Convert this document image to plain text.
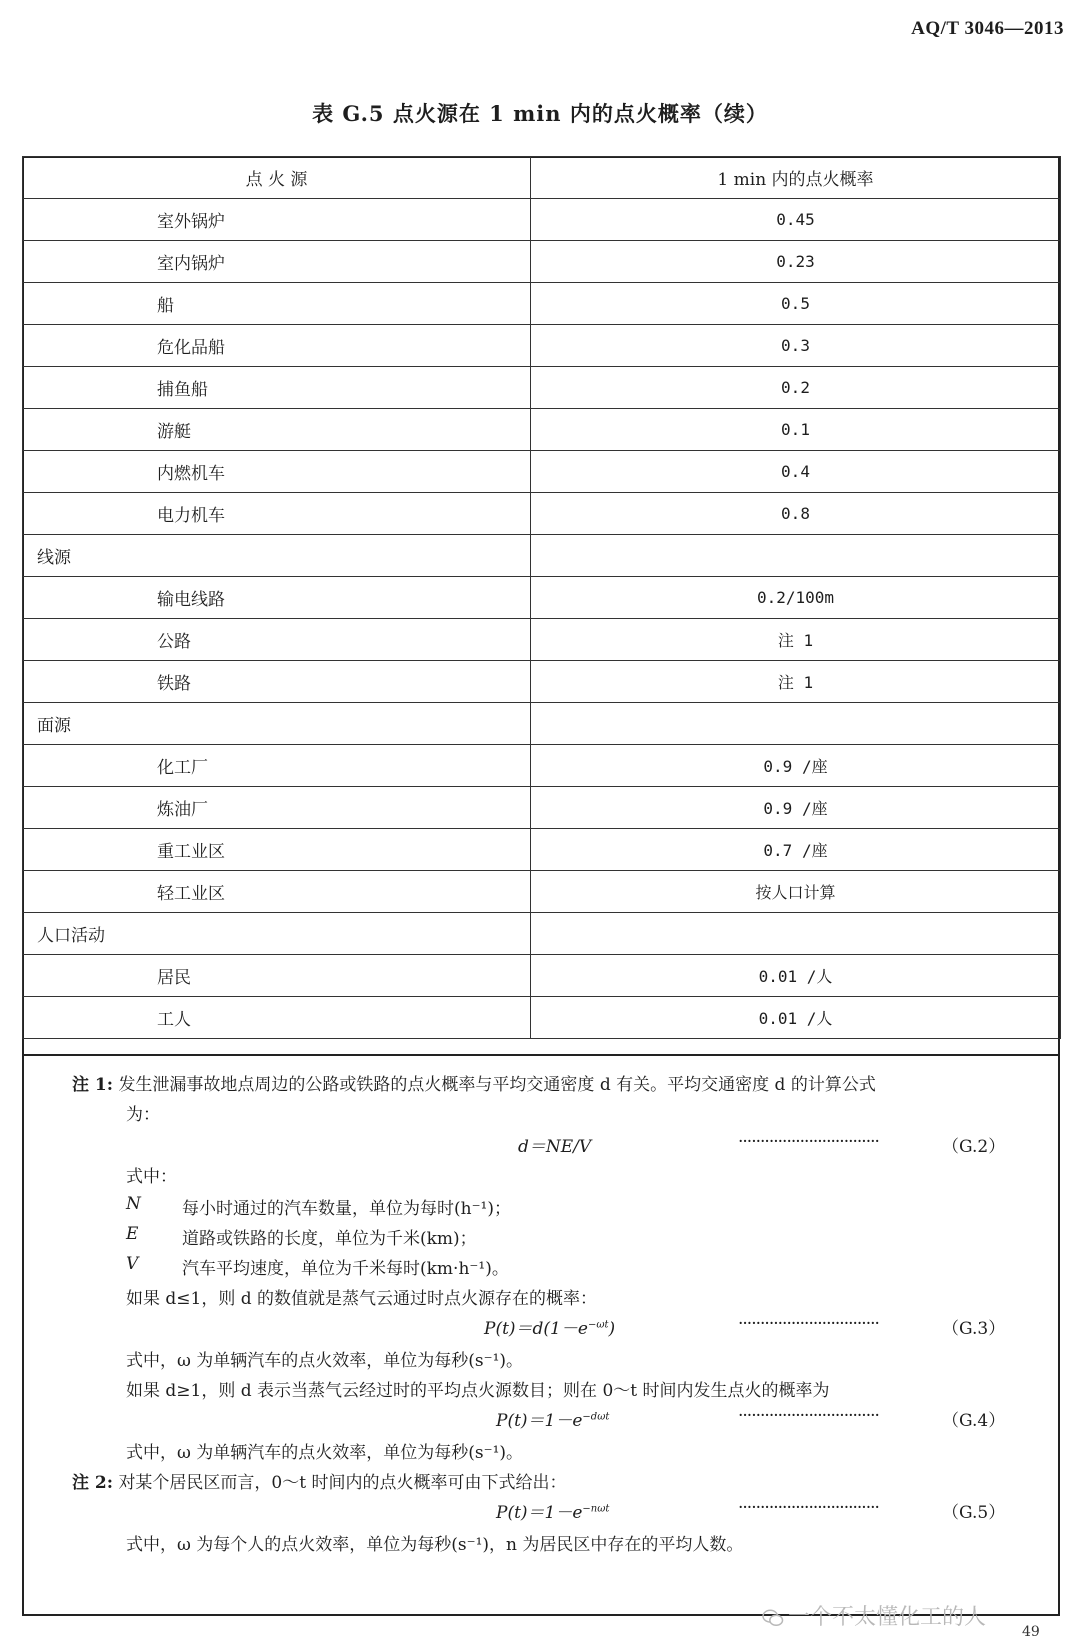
AQ/T 3046—2013
表 G.5 点火源在 1 min 内的点火概率（续）
点 火 源	1 min 内的点火概率
室外锅炉	0.45
室内锅炉	0.23
船	0.5
危化品船	0.3
捕鱼船	0.2
游艇	0.1
内燃机车	0.4
电力机车	0.8
线源	
输电线路	0.2/100m
公路	注 1
铁路	注 1
面源	
化工厂	0.9 /座
炼油厂	0.9 /座
重工业区	0.7 /座
轻工业区	按人口计算
人口活动	
居民	0.01 /人
工人	0.01 /人
注 1: 发生泄漏事故地点周边的公路或铁路的点火概率与平均交通密度 d 有关。平均交通密度 d 的计算公式
为：
d＝NE/V	································	（G.2）
式中：
N 每小时通过的汽车数量，单位为每时(h⁻¹)；
E	道路或铁路的长度，单位为千米(km)；
V	汽车平均速度，单位为千米每时(km·h⁻¹)。
如果 d≤1，则 d 的数值就是蒸气云通过时点火源存在的概率：
$P(t)=d(1-e^{-\omega t})$	································	（G.3）
式中，ω 为单辆汽车的点火效率，单位为每秒(s⁻¹)。
如果 d≥1，则 d 表示当蒸气云经过时的平均点火源数目；则在 0～t 时间内发生点火的概率为
$P(t)=1-e^{-d\omega t}$	································	（G.4）
式中，ω 为单辆汽车的点火效率，单位为每秒(s⁻¹)。
注 2: 对某个居民区而言，0～t 时间内的点火概率可由下式给出：
$P(t)=1-e^{-n\omega t}$	································	（G.5）
式中，ω 为每个人的点火效率，单位为每秒(s⁻¹)，n 为居民区中存在的平均人数。
一个不太懂化工的人
49
